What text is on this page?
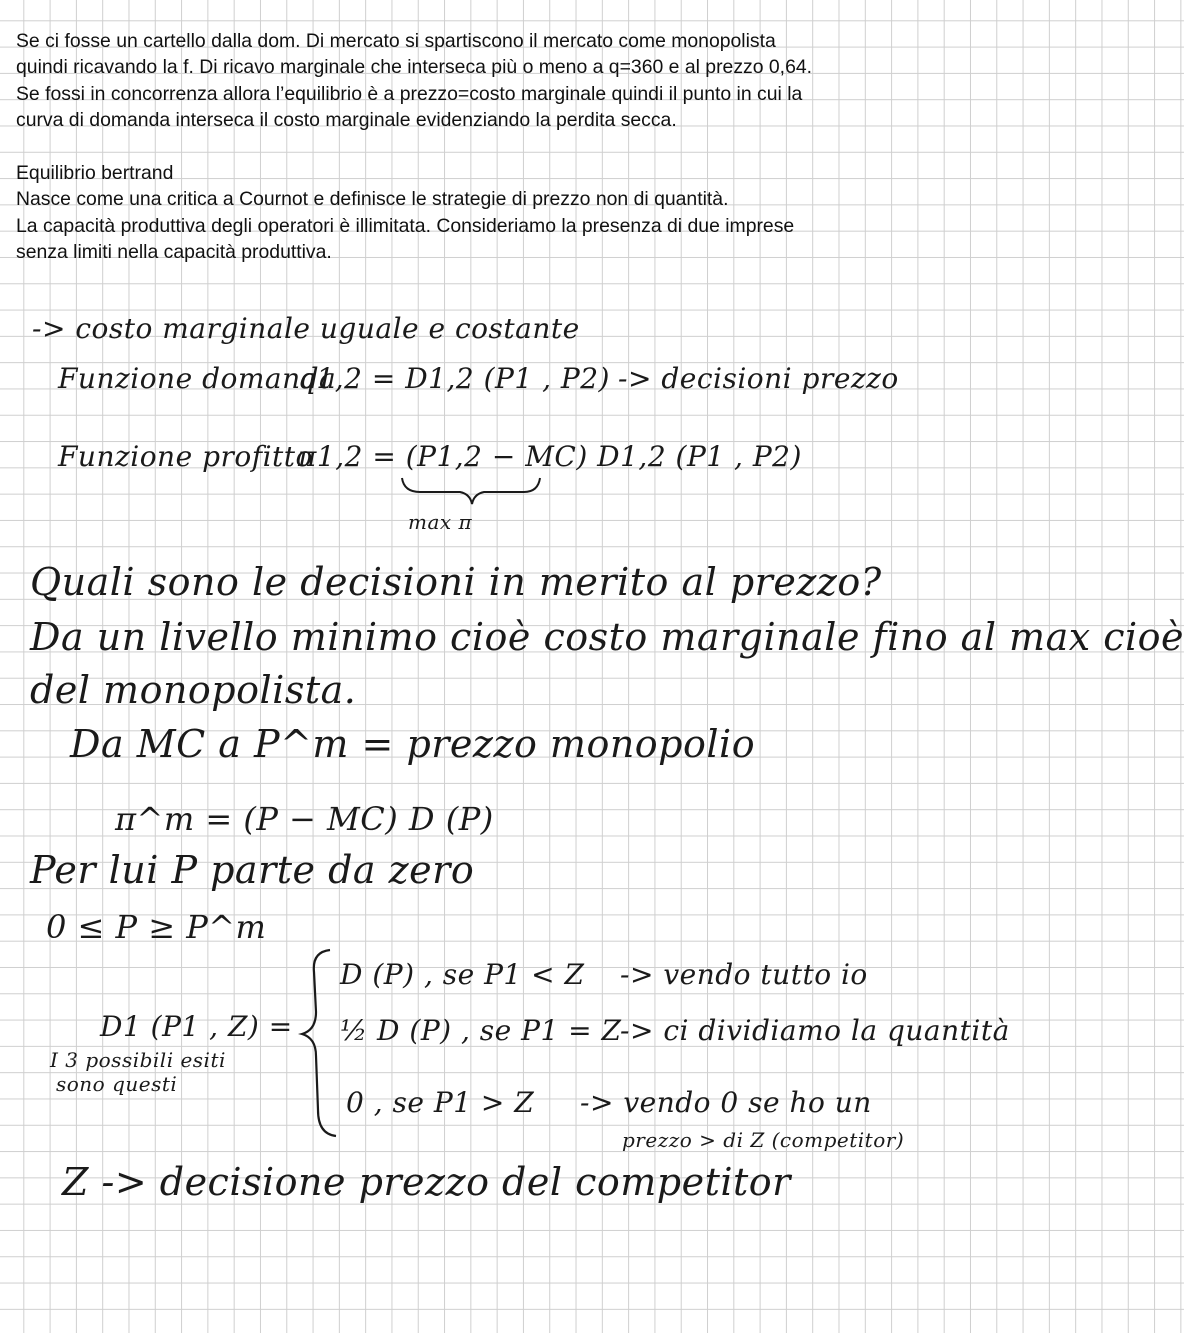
Se ci fosse un cartello dalla dom. Di mercato si spartiscono il mercato come monopolista

quindi ricavando la f. Di ricavo marginale che interseca più o meno a q=360 e al prezzo 0,64.

Se fossi in concorrenza allora l’equilibrio è a prezzo=costo marginale quindi il punto in cui la

curva di domanda interseca il costo marginale evidenziando la perdita secca.

Equilibrio bertrand

Nasce come una critica a Cournot e definisce le strategie di prezzo non di quantità.

La capacità produttiva degli operatori è illimitata. Consideriamo la presenza di due imprese

senza limiti nella capacità produttiva.

-> costo marginale uguale e costante
Funzione domanda
q1,2 = D1,2 (P1 , P2) -> decisioni prezzo
Funzione profitto
π1,2 = (P1,2 − MC) D1,2 (P1 , P2)
max π
Quali sono le decisioni in merito al prezzo?
Da un livello minimo cioè costo marginale fino al max cioè
del monopolista.
Da MC a P^m = prezzo monopolio
π^m = (P − MC) D (P)
Per lui P parte da zero
0 ≤ P ≥ P^m
D1 (P1 , Z) =
I 3 possibili esiti
sono questi
D (P) , se P1 < Z -> vendo tutto io
½ D (P) , se P1 = Z
-> ci dividiamo la quantità
0 , se P1 > Z -> vendo 0 se ho un
prezzo > di Z (competitor)
Z -> decisione prezzo del competitor
